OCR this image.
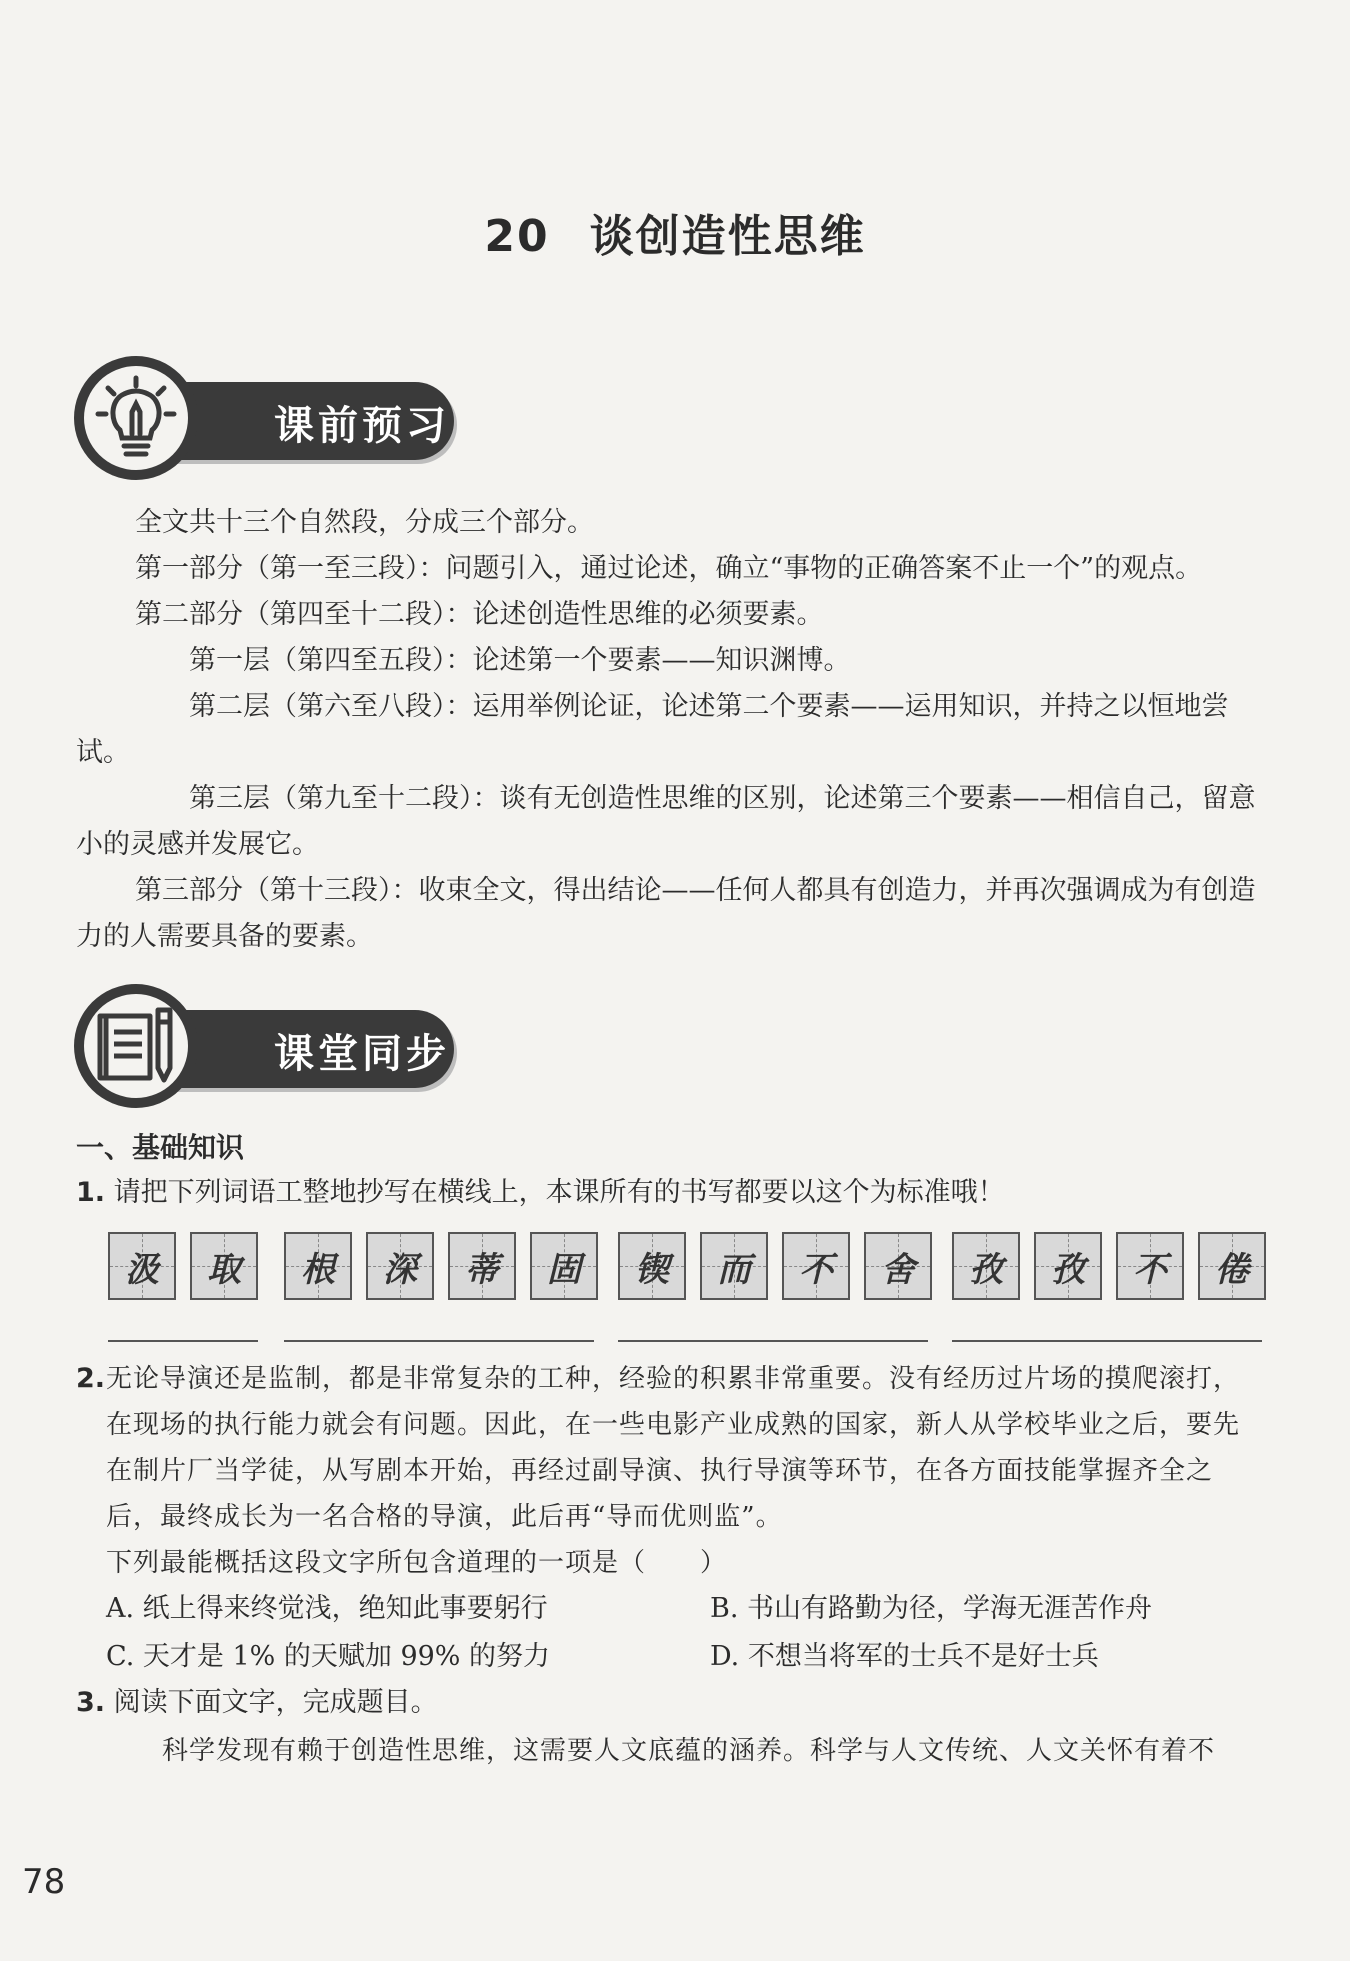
20 谈创造性思维
课前预习

全文共十三个自然段，分成三个部分。

第一部分（第一至三段）：问题引入，通过论述，确立“事物的正确答案不止一个”的观点。

第二部分（第四至十二段）：论述创造性思维的必须要素。

第一层（第四至五段）：论述第一个要素——知识渊博。

第二层（第六至八段）：运用举例论证，论述第二个要素——运用知识，并持之以恒地尝试。

第三层（第九至十二段）：谈有无创造性思维的区别，论述第三个要素——相信自己，留意小的灵感并发展它。

第三部分（第十三段）：收束全文，得出结论——任何人都具有创造力，并再次强调成为有创造力的人需要具备的要素。

课堂同步
一、基础知识
1. 请把下列词语工整地抄写在横线上，本课所有的书写都要以这个为标准哦！
汲 取 根 深 蒂 固 锲 而 不 舍 孜 孜 不 倦
2. 无论导演还是监制，都是非常复杂的工种，经验的积累非常重要。没有经历过片场的摸爬滚打，在现场的执行能力就会有问题。因此，在一些电影产业成熟的国家，新人从学校毕业之后，要先在制片厂当学徒，从写剧本开始，再经过副导演、执行导演等环节，在各方面技能掌握齐全之后，最终成长为一名合格的导演，此后再“导而优则监”。
下列最能概括这段文字所包含道理的一项是（　　）
A. 纸上得来终觉浅，绝知此事要躬行	B. 书山有路勤为径，学海无涯苦作舟
C. 天才是 1% 的天赋加 99% 的努力	D. 不想当将军的士兵不是好士兵
3. 阅读下面文字，完成题目。
科学发现有赖于创造性思维，这需要人文底蕴的涵养。科学与人文传统、人文关怀有着不
78
